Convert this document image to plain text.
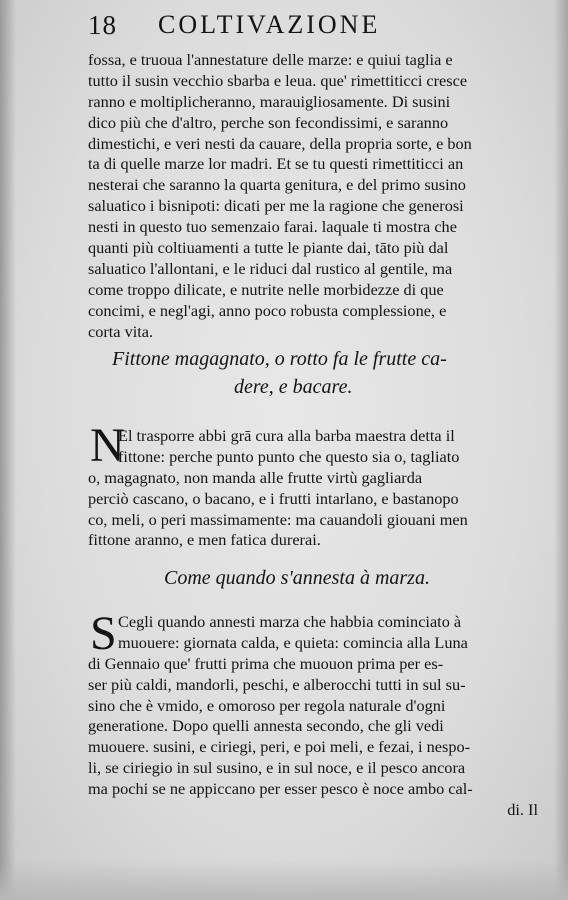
18 COLTIVAZIONE
fossa, e truoua l'annestature delle marze: e quiui taglia e
tutto il susin vecchio sbarba e leua. que' rimettiticci cresce
ranno e moltiplicheranno, marauigliosamente. Di susini
dico più che d'altro, perche son fecondissimi, e saranno
dimestichi, e veri nesti da cauare, della propria sorte, e bon
ta di quelle marze lor madri. Et se tu questi rimettiticci an
nesterai che saranno la quarta genitura, e del primo susino
saluatico i bisnipoti: dicati per me la ragione che generosi
nesti in questo tuo semenzaio farai. laquale ti mostra che
quanti più coltiuamenti a tutte le piante dai, tāto più dal
saluatico l'allontani, e le riduci dal rustico al gentile, ma
come troppo dilicate, e nutrite nelle morbidezze di que
concimi, e negl'agi, anno poco robusta complessione, e
corta vita.
Fittone magagnato, o rotto fa le frutte ca-
dere, e bacare.
N
El trasporre abbi grā cura alla barba maestra detta il
fittone: perche punto punto che questo sia o, tagliato
o, magagnato, non manda alle frutte virtù gagliarda
perciò cascano, o bacano, e i frutti intarlano, e bastanopo
co, meli, o peri massimamente: ma cauandoli giouani men
fittone aranno, e men fatica durerai.
Come quando s'annesta à marza.
S Cegli quando annesti marza che habbia cominciato à
muouere: giornata calda, e quieta: comincia alla Luna
di Gennaio que' frutti prima che muouon prima per es-
ser più caldi, mandorli, peschi, e alberocchi tutti in sul su-
sino che è vmido, e omoroso per regola naturale d'ogni
generatione. Dopo quelli annesta secondo, che gli vedi
muouere. susini, e ciriegi, peri, e poi meli, e fezai, i nespo-
li, se ciriegio in sul susino, e in sul noce, e il pesco ancora
ma pochi se ne appiccano per esser pesco è noce ambo cal-
di. Il
